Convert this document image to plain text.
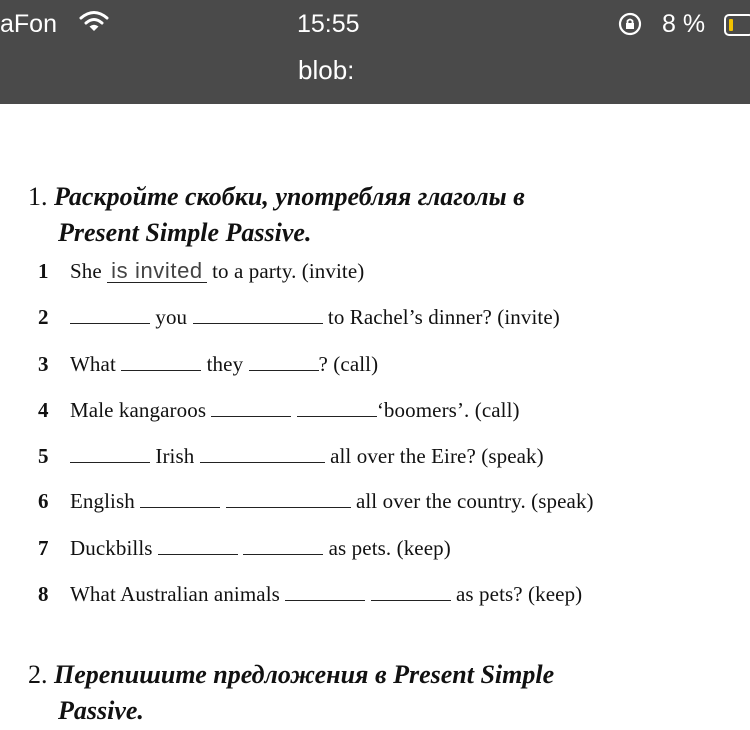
aFon	15:55	8 %
blob:
1. Раскройте скобки, употребляя глаголы в
Present Simple Passive.
1 She is invited to a party. (invite)
2	you	to Rachel’s dinner? (invite)
3 What	they	? (call)
4 Male kangaroos	‘boomers’. (call)
5	Irish	all over the Eire? (speak)
6 English	all over the country. (speak)
7 Duckbills	as pets. (keep)
8 What Australian animals	as pets? (keep)
2. Перепишите предложения в Present Simple
Passive.
